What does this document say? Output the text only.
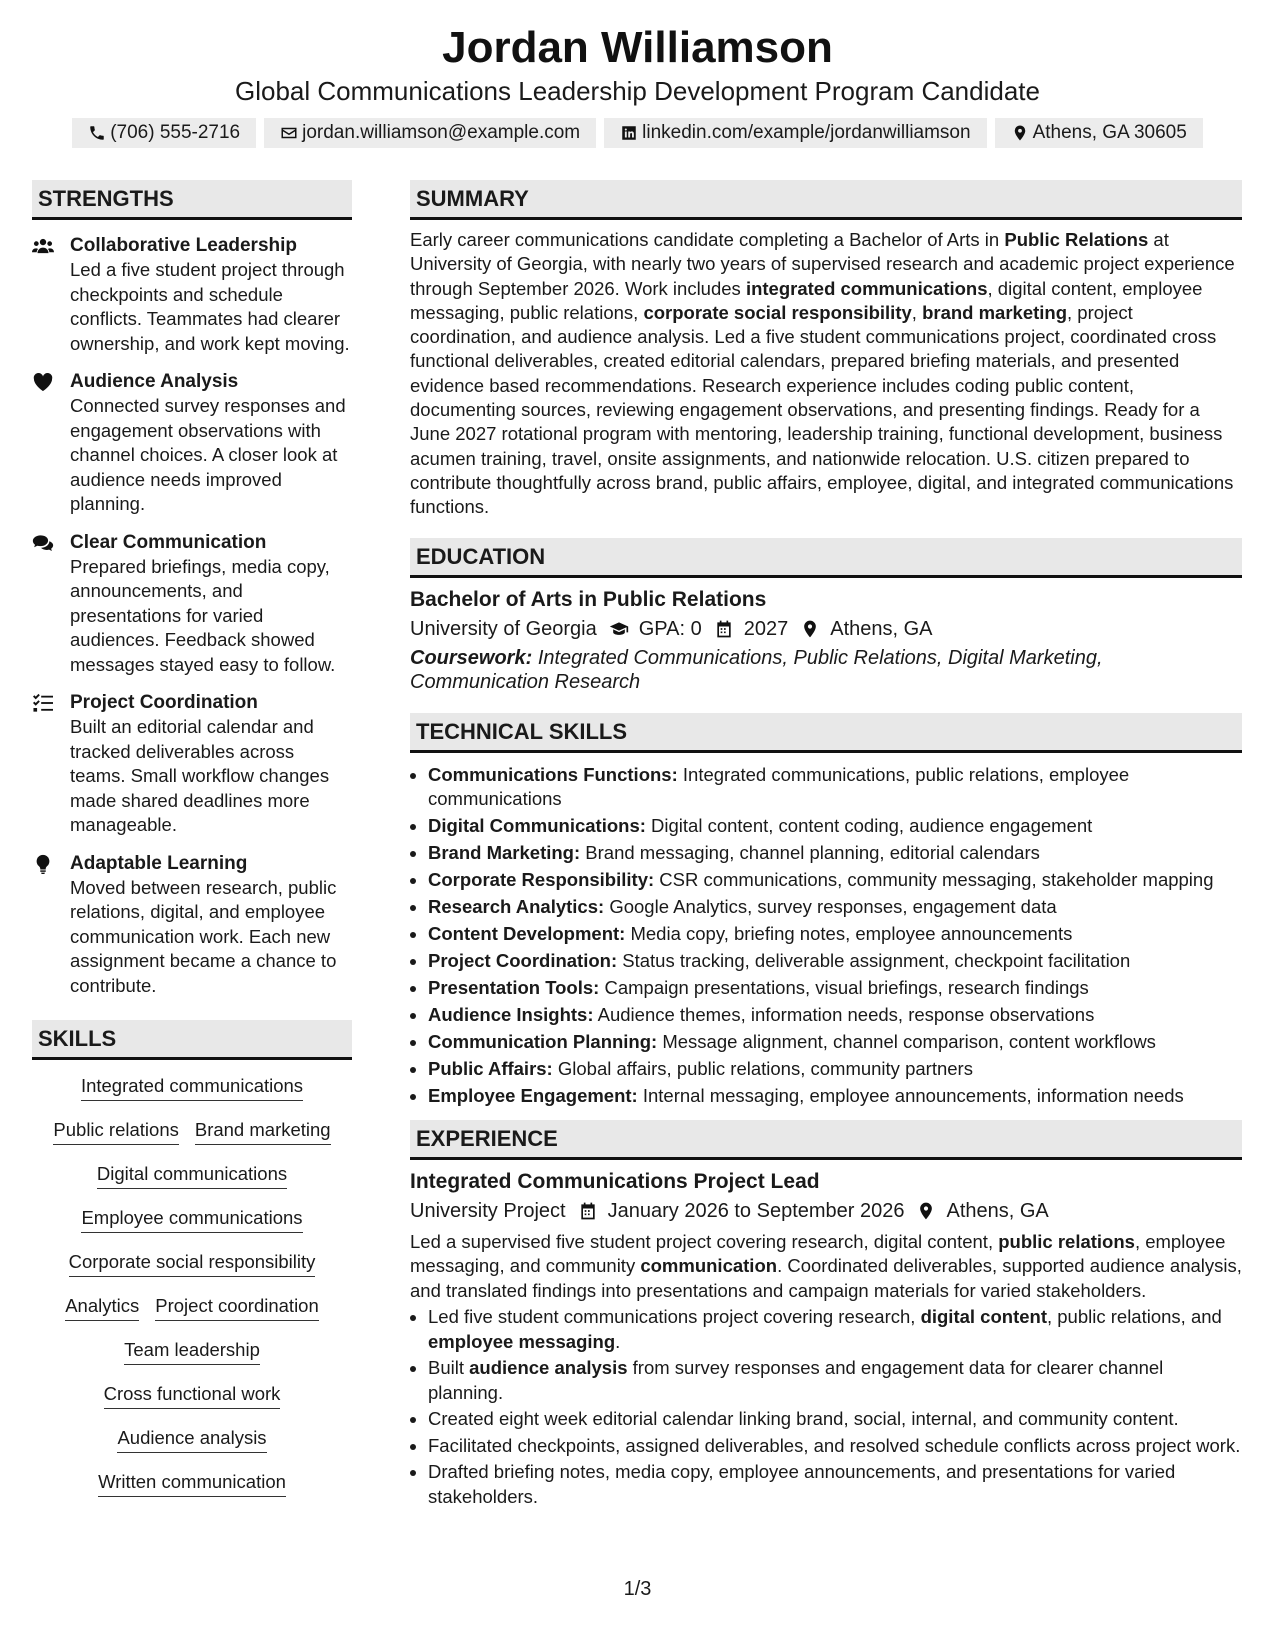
Jordan Williamson
Global Communications Leadership Development Program Candidate
(706) 555-2716	jordan.williamson@example.com	linkedin.com/example/jordanwilliamson	Athens, GA 30605
STRENGTHS
Collaborative Leadership
Led a five student project through checkpoints and schedule conflicts. Teammates had clearer ownership, and work kept moving.
Audience Analysis
Connected survey responses and engagement observations with channel choices. A closer look at audience needs improved planning.
Clear Communication
Prepared briefings, media copy, announcements, and presentations for varied audiences. Feedback showed messages stayed easy to follow.
Project Coordination
Built an editorial calendar and tracked deliverables across teams. Small workflow changes made shared deadlines more manageable.
Adaptable Learning
Moved between research, public relations, digital, and employee communication work. Each new assignment became a chance to contribute.
SKILLS
Integrated communications
Public relations Brand marketing
Digital communications
Employee communications
Corporate social responsibility
Analytics Project coordination
Team leadership
Cross functional work
Audience analysis
Written communication
SUMMARY
Early career communications candidate completing a Bachelor of Arts in Public Relations at University of Georgia, with nearly two years of supervised research and academic project experience through September 2026. Work includes integrated communications, digital content, employee messaging, public relations, corporate social responsibility, brand marketing, project coordination, and audience analysis. Led a five student communications project, coordinated cross functional deliverables, created editorial calendars, prepared briefing materials, and presented evidence based recommendations. Research experience includes coding public content, documenting sources, reviewing engagement observations, and presenting findings. Ready for a June 2027 rotational program with mentoring, leadership training, functional development, business acumen training, travel, onsite assignments, and nationwide relocation. U.S. citizen prepared to contribute thoughtfully across brand, public affairs, employee, digital, and integrated communications functions.
EDUCATION
Bachelor of Arts in Public Relations
University of Georgia GPA: 0 2027 Athens, GA
Coursework: Integrated Communications, Public Relations, Digital Marketing, Communication Research
TECHNICAL SKILLS
• Communications Functions: Integrated communications, public relations, employee communications
• Digital Communications: Digital content, content coding, audience engagement
• Brand Marketing: Brand messaging, channel planning, editorial calendars
• Corporate Responsibility: CSR communications, community messaging, stakeholder mapping
• Research Analytics: Google Analytics, survey responses, engagement data
• Content Development: Media copy, briefing notes, employee announcements
• Project Coordination: Status tracking, deliverable assignment, checkpoint facilitation
• Presentation Tools: Campaign presentations, visual briefings, research findings
• Audience Insights: Audience themes, information needs, response observations
• Communication Planning: Message alignment, channel comparison, content workflows
• Public Affairs: Global affairs, public relations, community partners
• Employee Engagement: Internal messaging, employee announcements, information needs
EXPERIENCE
Integrated Communications Project Lead
University Project January 2026 to September 2026 Athens, GA
Led a supervised five student project covering research, digital content, public relations, employee messaging, and community communication. Coordinated deliverables, supported audience analysis, and translated findings into presentations and campaign materials for varied stakeholders.
• Led five student communications project covering research, digital content, public relations, and employee messaging.
• Built audience analysis from survey responses and engagement data for clearer channel planning.
• Created eight week editorial calendar linking brand, social, internal, and community content.
• Facilitated checkpoints, assigned deliverables, and resolved schedule conflicts across project work.
• Drafted briefing notes, media copy, employee announcements, and presentations for varied stakeholders.
1/3
